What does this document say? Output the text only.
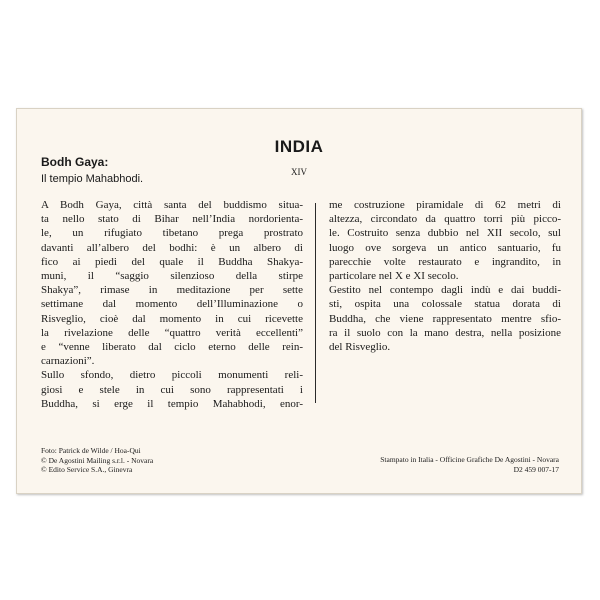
INDIA
XIV
Bodh Gaya:
Il tempio Mahabhodi.
A Bodh Gaya, città santa del buddismo situa-
ta nello stato di Bihar nell’India nordorienta-
le, un rifugiato tibetano prega prostrato
davanti all’albero del bodhi: è un albero di
fico ai piedi del quale il Buddha Shakya-
muni, il “saggio silenzioso della stirpe
Shakya”, rimase in meditazione per sette
settimane dal momento dell’Illuminazione o
Risveglio, cioè dal momento in cui ricevette
la rivelazione delle “quattro verità eccellenti”
e “venne liberato dal ciclo eterno delle rein-
carnazioni”.
Sullo sfondo, dietro piccoli monumenti reli-
giosi e stele in cui sono rappresentati i
Buddha, si erge il tempio Mahabhodi, enor-
me costruzione piramidale di 62 metri di
altezza, circondato da quattro torri più picco-
le. Costruito senza dubbio nel XII secolo, sul
luogo ove sorgeva un antico santuario, fu
parecchie volte restaurato e ingrandito, in
particolare nel X e XI secolo.
Gestito nel contempo dagli indù e dai buddi-
sti, ospita una colossale statua dorata di
Buddha, che viene rappresentato mentre sfio-
ra il suolo con la mano destra, nella posizione
del Risveglio.
Foto: Patrick de Wilde / Hoa-Qui
© De Agostini Mailing s.r.l. - Novara
© Edito Service S.A., Ginevra
Stampato in Italia - Officine Grafiche De Agostini - Novara
D2 459 007-17
